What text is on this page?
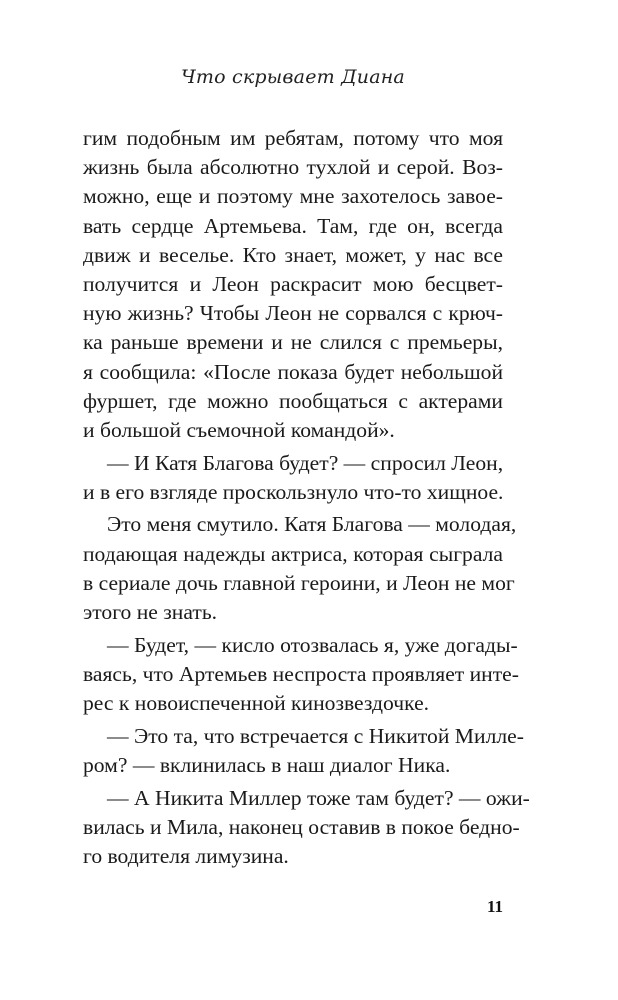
Что скрывает Диана
гим подобным им ребятам, потому что моя
жизнь была абсолютно тухлой и серой. Воз-
можно, еще и поэтому мне захотелось завое-
вать сердце Артемьева. Там, где он, всегда
движ и веселье. Кто знает, может, у нас все
получится и Леон раскрасит мою бесцвет-
ную жизнь? Чтобы Леон не сорвался с крюч-
ка раньше времени и не слился с премьеры,
я сообщила: «После показа будет небольшой
фуршет, где можно пообщаться с актерами
и большой съемочной командой».
— И Катя Благова будет? — спросил Леон,
и в его взгляде проскользнуло что-то хищное.
Это меня смутило. Катя Благова — молодая,
подающая надежды актриса, которая сыграла
в сериале дочь главной героини, и Леон не мог
этого не знать.
— Будет, — кисло отозвалась я, уже догады-
ваясь, что Артемьев неспроста проявляет инте-
рес к новоиспеченной кинозвездочке.
— Это та, что встречается с Никитой Милле-
ром? — вклинилась в наш диалог Ника.
— А Никита Миллер тоже там будет? — ожи-
вилась и Мила, наконец оставив в покое бедно-
го водителя лимузина.
11
